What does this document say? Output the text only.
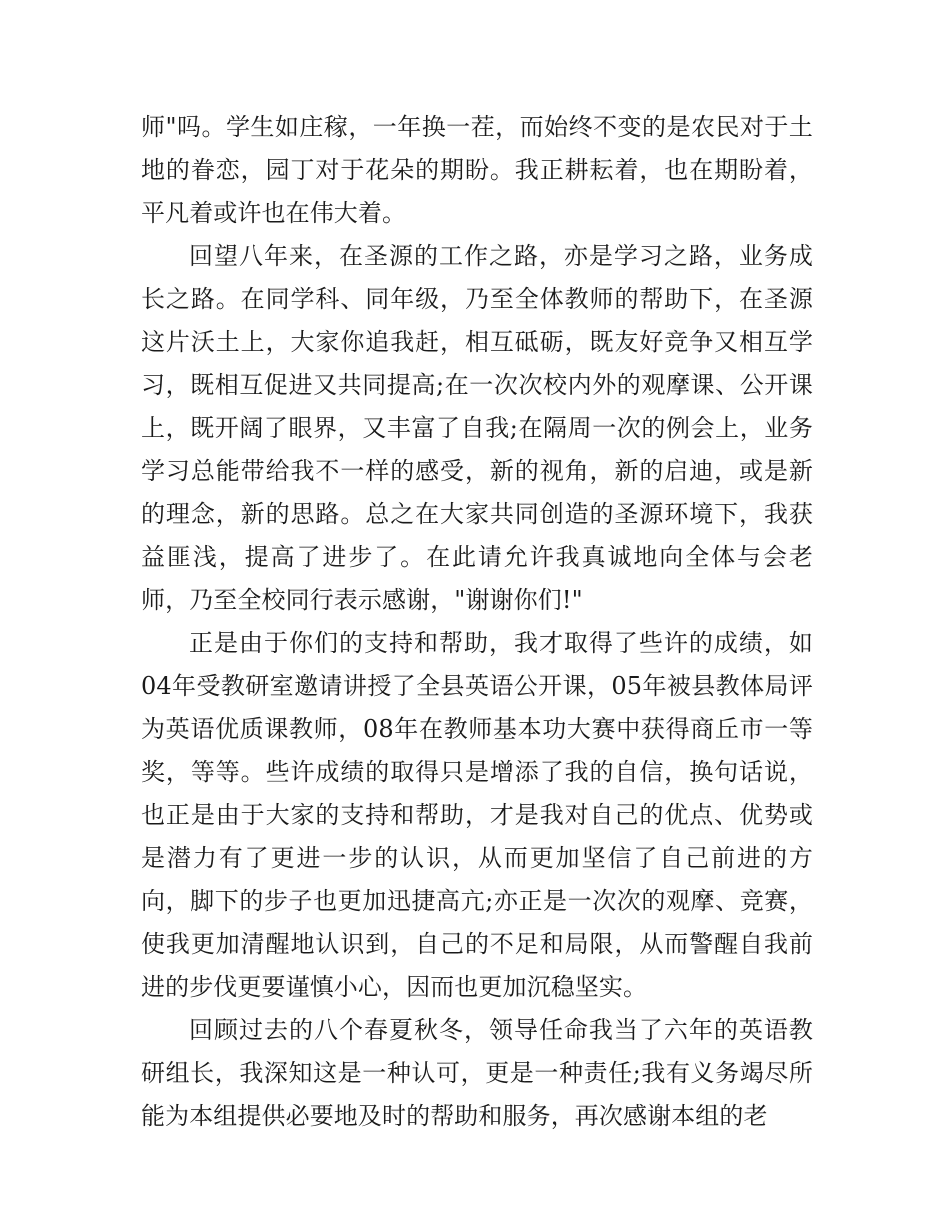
师"吗。学生如庄稼，一年换一茬，而始终不变的是农民对于土地的眷恋，园丁对于花朵的期盼。我正耕耘着，也在期盼着，平凡着或许也在伟大着。

回望八年来，在圣源的工作之路，亦是学习之路，业务成长之路。在同学科、同年级，乃至全体教师的帮助下，在圣源这片沃土上，大家你追我赶，相互砥砺，既友好竞争又相互学习，既相互促进又共同提高;在一次次校内外的观摩课、公开课上，既开阔了眼界，又丰富了自我;在隔周一次的例会上，业务学习总能带给我不一样的感受，新的视角，新的启迪，或是新的理念，新的思路。总之在大家共同创造的圣源环境下，我获益匪浅，提高了进步了。在此请允许我真诚地向全体与会老师，乃至全校同行表示感谢，"谢谢你们!"

正是由于你们的支持和帮助，我才取得了些许的成绩，如04年受教研室邀请讲授了全县英语公开课，05年被县教体局评为英语优质课教师，08年在教师基本功大赛中获得商丘市一等奖，等等。些许成绩的取得只是增添了我的自信，换句话说，也正是由于大家的支持和帮助，才是我对自己的优点、优势或是潜力有了更进一步的认识，从而更加坚信了自己前进的方向，脚下的步子也更加迅捷高亢;亦正是一次次的观摩、竞赛，使我更加清醒地认识到，自己的不足和局限，从而警醒自我前进的步伐更要谨慎小心，因而也更加沉稳坚实。

回顾过去的八个春夏秋冬，领导任命我当了六年的英语教研组长，我深知这是一种认可，更是一种责任;我有义务竭尽所能为本组提供必要地及时的帮助和服务，再次感谢本组的老
